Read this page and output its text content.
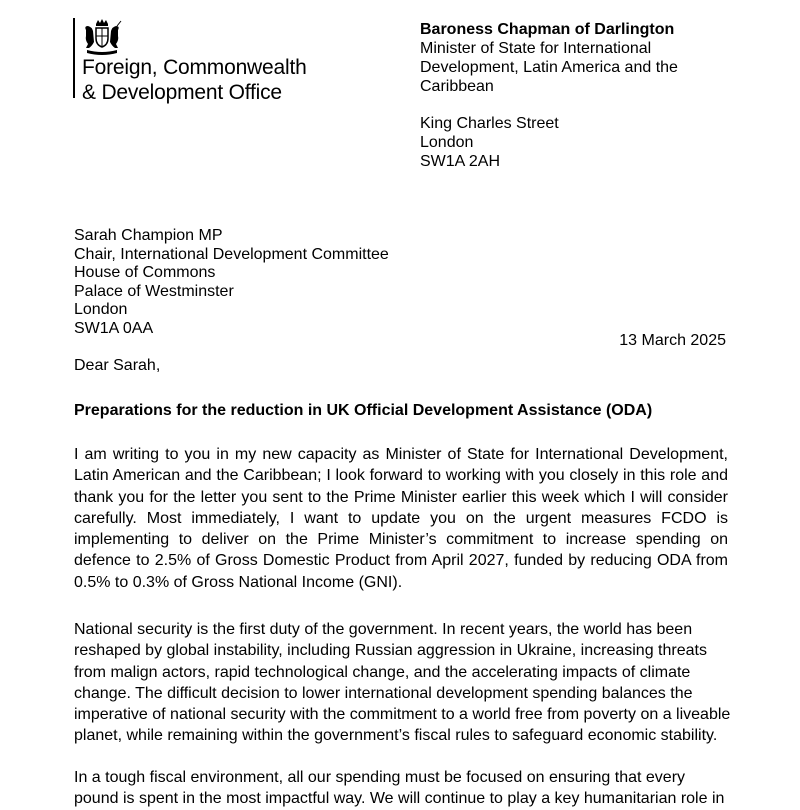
Foreign, Commonwealth
& Development Office
Baroness Chapman of Darlington
Minister of State for International
Development, Latin America and the
Caribbean
King Charles Street
London
SW1A 2AH
Sarah Champion MP
Chair, International Development Committee
House of Commons
Palace of Westminster
London
SW1A 0AA
13 March 2025
Dear Sarah,
Preparations for the reduction in UK Official Development Assistance (ODA)
I am writing to you in my new capacity as Minister of State for International Development, Latin American and the Caribbean; I look forward to working with you closely in this role and thank you for the letter you sent to the Prime Minister earlier this week which I will consider carefully. Most immediately, I want to update you on the urgent measures FCDO is implementing to deliver on the Prime Minister’s commitment to increase spending on defence to 2.5% of Gross Domestic Product from April 2027, funded by reducing ODA from 0.5% to 0.3% of Gross National Income (GNI).
National security is the first duty of the government. In recent years, the world has been
reshaped by global instability, including Russian aggression in Ukraine, increasing threats
from malign actors, rapid technological change, and the accelerating impacts of climate
change. The difficult decision to lower international development spending balances the
imperative of national security with the commitment to a world free from poverty on a liveable
planet, while remaining within the government’s fiscal rules to safeguard economic stability.
In a tough fiscal environment, all our spending must be focused on ensuring that every
pound is spent in the most impactful way. We will continue to play a key humanitarian role in
